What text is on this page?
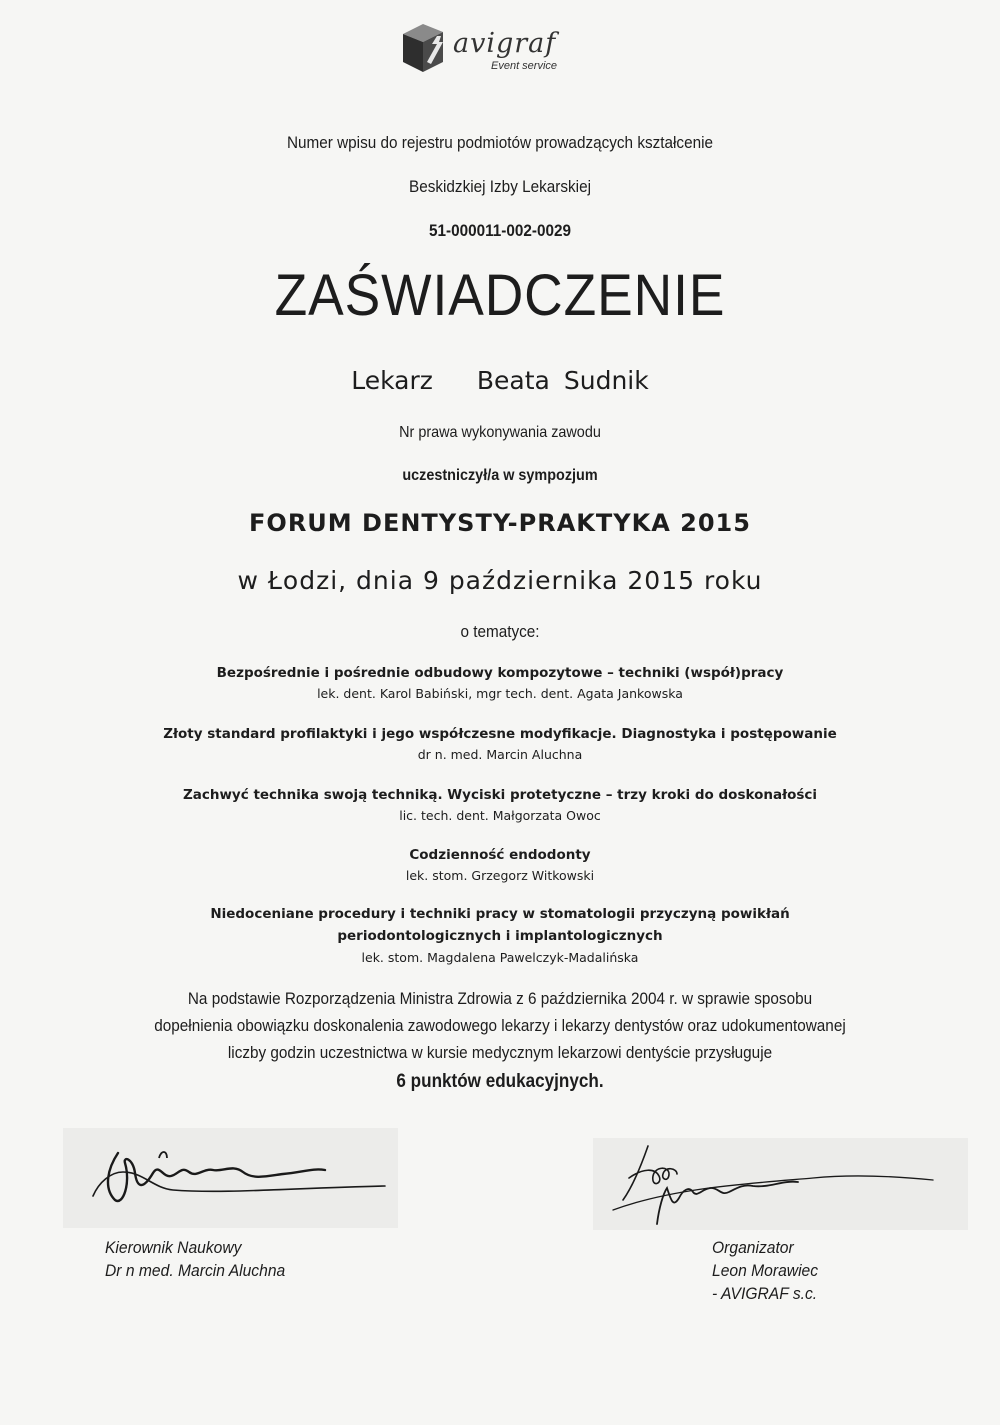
avigraf
Event service
Numer wpisu do rejestru podmiotów prowadzących kształcenie
Beskidzkiej Izby Lekarskiej
51-000011-002-0029
ZAŚWIADCZENIE
Lekarz Beata Sudnik
Nr prawa wykonywania zawodu
uczestniczył/a w sympozjum
FORUM DENTYSTY-PRAKTYKA 2015
w Łodzi, dnia 9 października 2015 roku
o tematyce:
Bezpośrednie i pośrednie odbudowy kompozytowe – techniki (współ)pracy
lek. dent. Karol Babiński, mgr tech. dent. Agata Jankowska
Złoty standard profilaktyki i jego współczesne modyfikacje. Diagnostyka i postępowanie
dr n. med. Marcin Aluchna
Zachwyć technika swoją techniką. Wyciski protetyczne – trzy kroki do doskonałości
lic. tech. dent. Małgorzata Owoc
Codzienność endodonty
lek. stom. Grzegorz Witkowski
Niedoceniane procedury i techniki pracy w stomatologii przyczyną powikłań
periodontologicznych i implantologicznych
lek. stom. Magdalena Pawelczyk-Madalińska
Na podstawie Rozporządzenia Ministra Zdrowia z 6 października 2004 r. w sprawie sposobu
dopełnienia obowiązku doskonalenia zawodowego lekarzy i lekarzy dentystów oraz udokumentowanej
liczby godzin uczestnictwa w kursie medycznym lekarzowi dentyście przysługuje
6 punktów edukacyjnych.
Kierownik Naukowy
Dr n med. Marcin Aluchna
Organizator
Leon Morawiec
- AVIGRAF s.c.
